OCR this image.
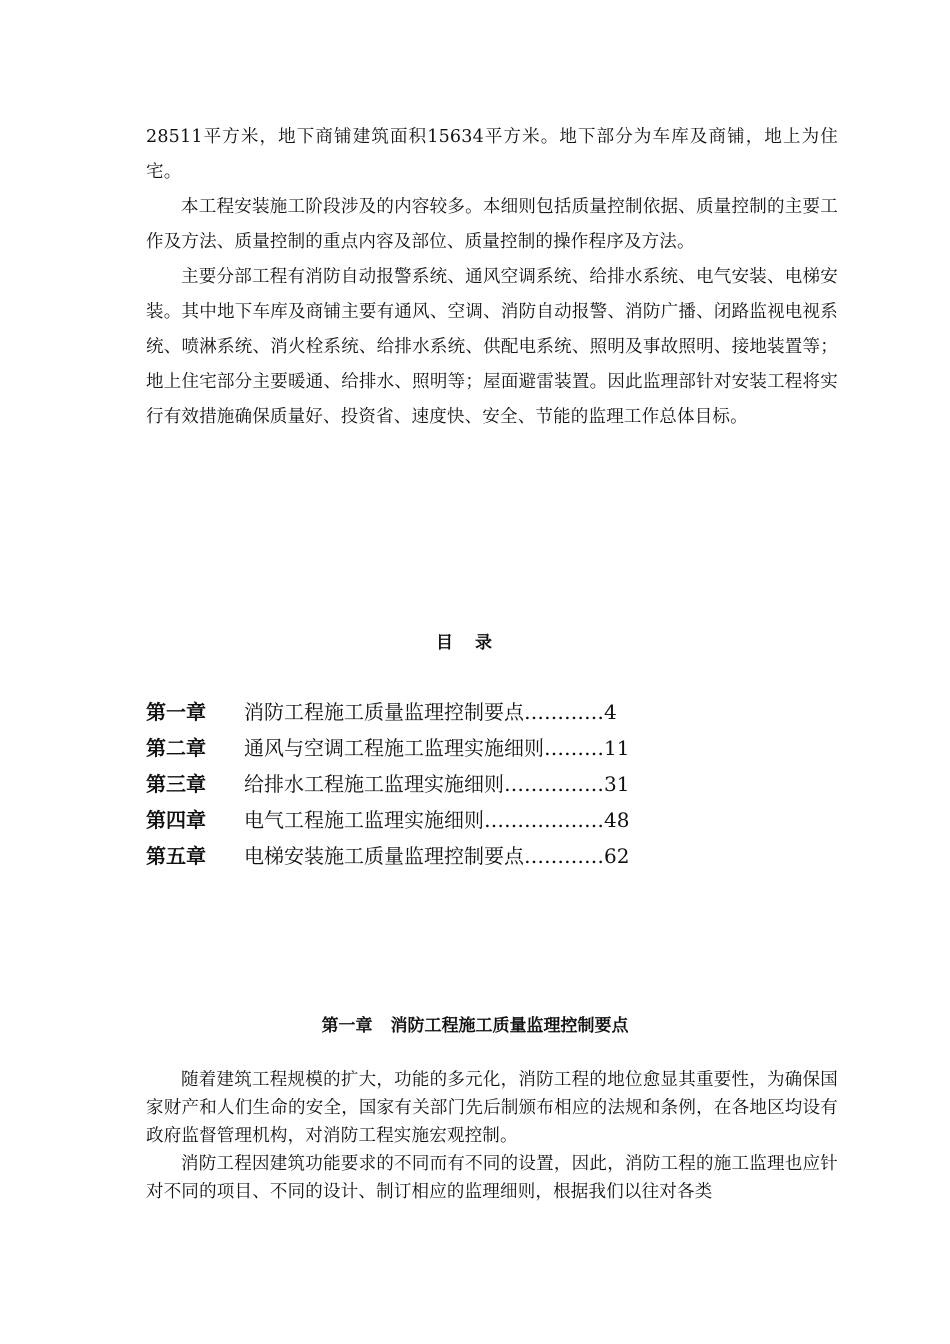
28511平方米，地下商铺建筑面积15634平方米。地下部分为车库及商铺，地上为住宅。

本工程安装施工阶段涉及的内容较多。本细则包括质量控制依据、质量控制的主要工作及方法、质量控制的重点内容及部位、质量控制的操作程序及方法。

主要分部工程有消防自动报警系统、通风空调系统、给排水系统、电气安装、电梯安装。其中地下车库及商铺主要有通风、空调、消防自动报警、消防广播、闭路监视电视系统、喷淋系统、消火栓系统、给排水系统、供配电系统、照明及事故照明、接地装置等；地上住宅部分主要暖通、给排水、照明等；屋面避雷装置。因此监理部针对安装工程将实行有效措施确保质量好、投资省、速度快、安全、节能的监理工作总体目标。

目录
第一章 消防工程施工质量监理控制要点…………4
第二章 通风与空调工程施工监理实施细则………11
第三章 给排水工程施工监理实施细则……………31
第四章 电气工程施工监理实施细则………………48
第五章 电梯安装施工质量监理控制要点…………62
第一章 消防工程施工质量监理控制要点

随着建筑工程规模的扩大，功能的多元化，消防工程的地位愈显其重要性，为确保国家财产和人们生命的安全，国家有关部门先后制颁布相应的法规和条例，在各地区均设有政府监督管理机构，对消防工程实施宏观控制。

消防工程因建筑功能要求的不同而有不同的设置，因此，消防工程的施工监理也应针对不同的项目、不同的设计、制订相应的监理细则，根据我们以往对各类
